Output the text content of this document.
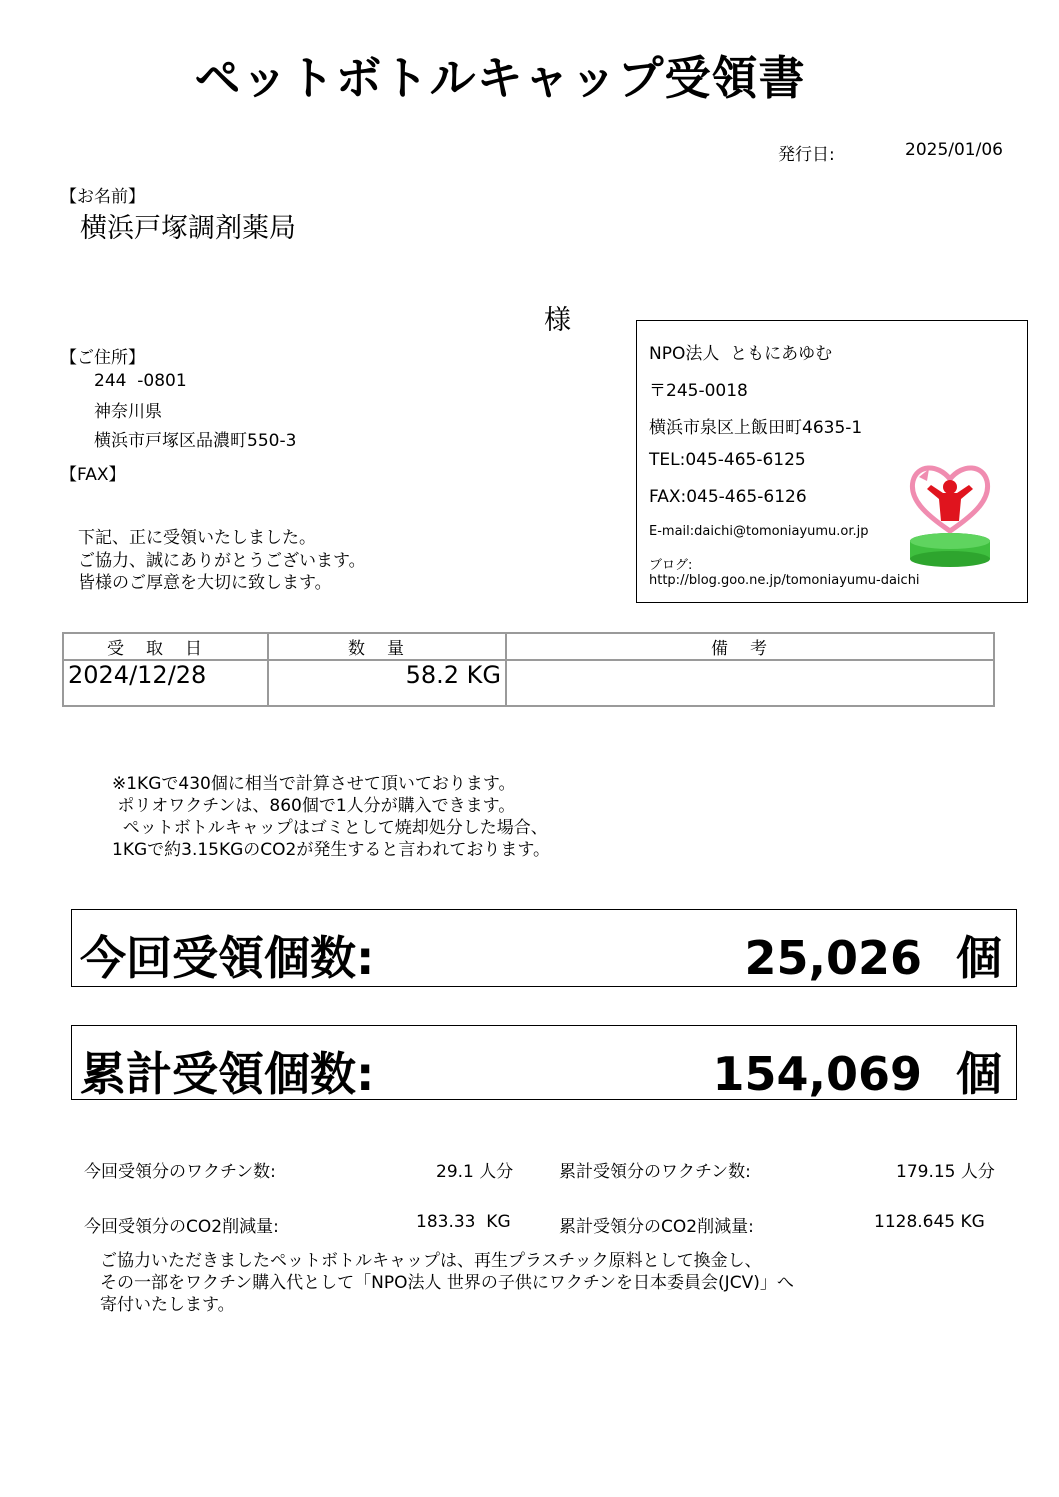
ペットボトルキャップ受領書
発行日:	2025/01/06
【お名前】
横浜戸塚調剤薬局
様
【ご住所】
244  -0801
神奈川県
横浜市戸塚区品濃町550-3
【FAX】
下記、正に受領いたしました。
ご協力、誠にありがとうございます。
皆様のご厚意を大切に致します。
NPO法人  ともにあゆむ
〒245-0018
横浜市泉区上飯田町4635-1
TEL:045-465-6125
FAX:045-465-6126
E-mail:daichi@tomoniayumu.or.jp
ブログ:
http://blog.goo.ne.jp/tomoniayumu-daichi
受取日	数量	備考
2024/12/28	58.2 KG	
※1KGで430個に相当で計算させて頂いております。
ポリオワクチンは、860個で1人分が購入できます。
ペットボトルキャップはゴミとして焼却処分した場合、
1KGで約3.15KGのCO2が発生すると言われております。
今回受領個数:	25,026 個
累計受領個数:	154,069 個
今回受領分のワクチン数:	29.1 人分	累計受領分のワクチン数:	179.15 人分
今回受領分のCO2削減量:	183.33 KG	累計受領分のCO2削減量:	1128.645 KG
ご協力いただきましたペットボトルキャップは、再生プラスチック原料として換金し、
その一部をワクチン購入代として「NPO法人 世界の子供にワクチンを日本委員会(JCV)」へ
寄付いたします。
